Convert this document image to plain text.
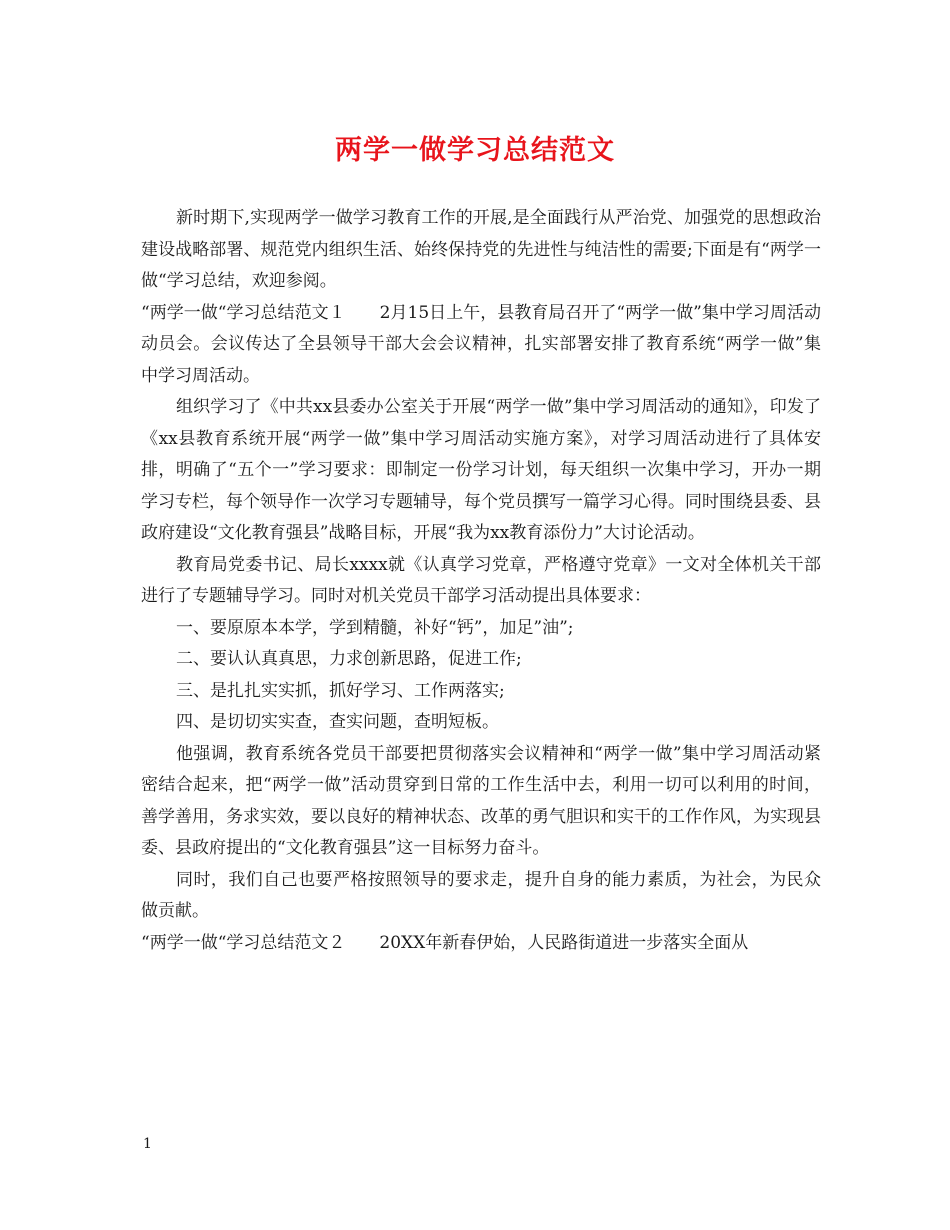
两学一做学习总结范文

新时期下,实现两学一做学习教育工作的开展,是全面践行从严治党、加强党的思想政治建设战略部署、规范党内组织生活、始终保持党的先进性与纯洁性的需要;下面是有“两学一做“学习总结，欢迎参阅。

“两学一做“学习总结范文１　　2月15日上午，县教育局召开了“两学一做”集中学习周活动动员会。会议传达了全县领导干部大会会议精神，扎实部署安排了教育系统“两学一做”集中学习周活动。

组织学习了《中共xx县委办公室关于开展“两学一做”集中学习周活动的通知》，印发了《xx县教育系统开展“两学一做”集中学习周活动实施方案》，对学习周活动进行了具体安排，明确了“五个一”学习要求：即制定一份学习计划，每天组织一次集中学习，开办一期学习专栏，每个领导作一次学习专题辅导，每个党员撰写一篇学习心得。同时围绕县委、县政府建设“文化教育强县”战略目标，开展“我为xx教育添份力”大讨论活动。

教育局党委书记、局长xxxx就《认真学习党章，严格遵守党章》一文对全体机关干部进行了专题辅导学习。同时对机关党员干部学习活动提出具体要求：

一、要原原本本学，学到精髓，补好“钙”，加足”油”;

二、要认认真真思，力求创新思路，促进工作;

三、是扎扎实实抓，抓好学习、工作两落实;

四、是切切实实查，查实问题，查明短板。

他强调，教育系统各党员干部要把贯彻落实会议精神和“两学一做”集中学习周活动紧密结合起来，把“两学一做”活动贯穿到日常的工作生活中去，利用一切可以利用的时间，善学善用，务求实效，要以良好的精神状态、改革的勇气胆识和实干的工作作风，为实现县委、县政府提出的“文化教育强县”这一目标努力奋斗。

同时，我们自己也要严格按照领导的要求走，提升自身的能力素质，为社会，为民众做贡献。

“两学一做“学习总结范文２　　20XX年新春伊始，人民路街道进一步落实全面从

1
